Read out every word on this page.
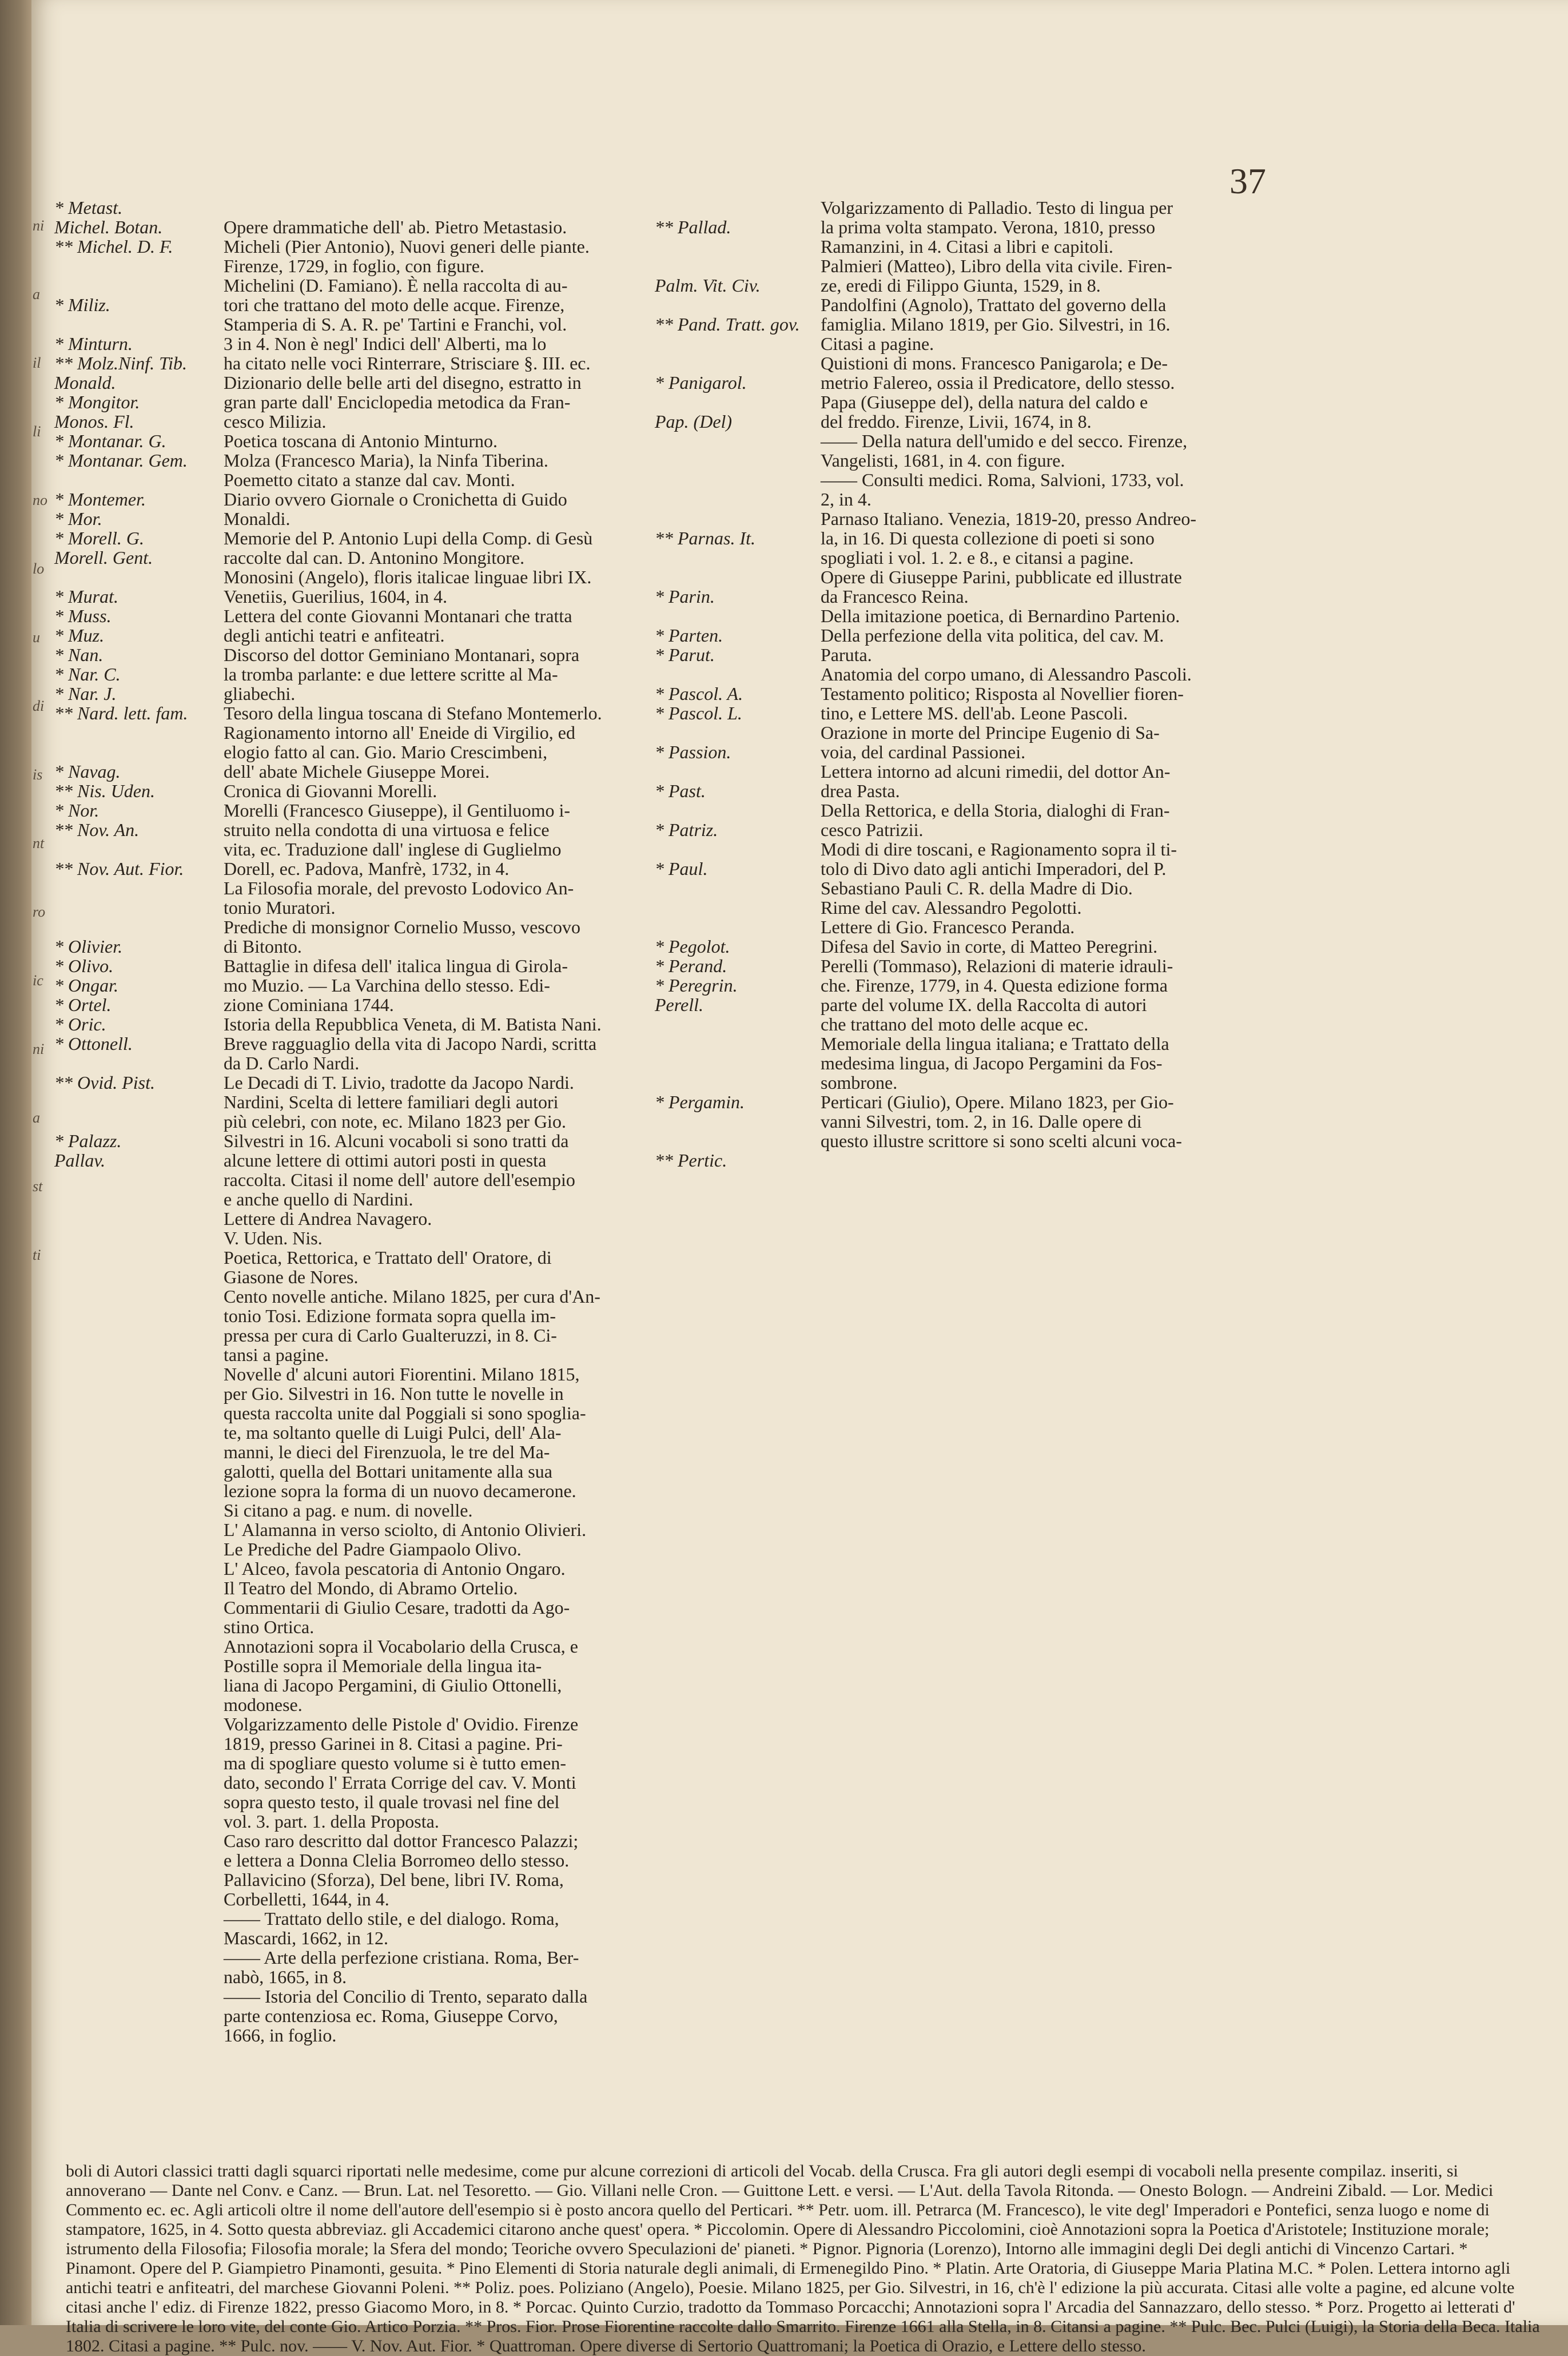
ni
a
il
li
no
lo
u
di
is
nt
ro
ic
ni
a
st
ti
37
* Metast.
Michel. Botan.
** Michel. D. F.
* Miliz.
* Minturn.
** Molz.Ninf. Tib.
Monald.
* Mongitor.
Monos. Fl.
* Montanar. G.
* Montanar. Gem.
* Montemer.
* Mor.
* Morell. G.
Morell. Gent.
* Murat.
* Muss.
* Muz.
* Nan.
* Nar. C.
* Nar. J.
** Nard. lett. fam.
* Navag.
** Nis. Uden.
* Nor.
** Nov. An.
** Nov. Aut. Fior.
* Olivier.
* Olivo.
* Ongar.
* Ortel.
* Oric.
* Ottonell.
** Ovid. Pist.
* Palazz.
Pallav.
Opere drammatiche dell' ab. Pietro Metastasio.
Micheli (Pier Antonio), Nuovi generi delle piante.
Firenze, 1729, in foglio, con figure.
Michelini (D. Famiano). È nella raccolta di au-
tori che trattano del moto delle acque. Firenze,
Stamperia di S. A. R. pe' Tartini e Franchi, vol.
3 in 4. Non è negl' Indici dell' Alberti, ma lo
ha citato nelle voci Rinterrare, Strisciare §. III. ec.
Dizionario delle belle arti del disegno, estratto in
gran parte dall' Enciclopedia metodica da Fran-
cesco Milizia.
Poetica toscana di Antonio Minturno.
Molza (Francesco Maria), la Ninfa Tiberina.
Poemetto citato a stanze dal cav. Monti.
Diario ovvero Giornale o Cronichetta di Guido
Monaldi.
Memorie del P. Antonio Lupi della Comp. di Gesù
raccolte dal can. D. Antonino Mongitore.
Monosini (Angelo), floris italicae linguae libri IX.
Venetiis, Guerilius, 1604, in 4.
Lettera del conte Giovanni Montanari che tratta
degli antichi teatri e anfiteatri.
Discorso del dottor Geminiano Montanari, sopra
la tromba parlante: e due lettere scritte al Ma-
gliabechi.
Tesoro della lingua toscana di Stefano Montemerlo.
Ragionamento intorno all' Eneide di Virgilio, ed
elogio fatto al can. Gio. Mario Crescimbeni,
dell' abate Michele Giuseppe Morei.
Cronica di Giovanni Morelli.
Morelli (Francesco Giuseppe), il Gentiluomo i-
struito nella condotta di una virtuosa e felice
vita, ec. Traduzione dall' inglese di Guglielmo
Dorell, ec. Padova, Manfrè, 1732, in 4.
La Filosofia morale, del prevosto Lodovico An-
tonio Muratori.
Prediche di monsignor Cornelio Musso, vescovo
di Bitonto.
Battaglie in difesa dell' italica lingua di Girola-
mo Muzio. — La Varchina dello stesso. Edi-
zione Cominiana 1744.
Istoria della Repubblica Veneta, di M. Batista Nani.
Breve ragguaglio della vita di Jacopo Nardi, scritta
da D. Carlo Nardi.
Le Decadi di T. Livio, tradotte da Jacopo Nardi.
Nardini, Scelta di lettere familiari degli autori
più celebri, con note, ec. Milano 1823 per Gio.
Silvestri in 16. Alcuni vocaboli si sono tratti da
alcune lettere di ottimi autori posti in questa
raccolta. Citasi il nome dell' autore dell'esempio
e anche quello di Nardini.
Lettere di Andrea Navagero.
V. Uden. Nis.
Poetica, Rettorica, e Trattato dell' Oratore, di
Giasone de Nores.
Cento novelle antiche. Milano 1825, per cura d'An-
tonio Tosi. Edizione formata sopra quella im-
pressa per cura di Carlo Gualteruzzi, in 8. Ci-
tansi a pagine.
Novelle d' alcuni autori Fiorentini. Milano 1815,
per Gio. Silvestri in 16. Non tutte le novelle in
questa raccolta unite dal Poggiali si sono spoglia-
te, ma soltanto quelle di Luigi Pulci, dell' Ala-
manni, le dieci del Firenzuola, le tre del Ma-
galotti, quella del Bottari unitamente alla sua
lezione sopra la forma di un nuovo decamerone.
Si citano a pag. e num. di novelle.
L' Alamanna in verso sciolto, di Antonio Olivieri.
Le Prediche del Padre Giampaolo Olivo.
L' Alceo, favola pescatoria di Antonio Ongaro.
Il Teatro del Mondo, di Abramo Ortelio.
Commentarii di Giulio Cesare, tradotti da Ago-
stino Ortica.
Annotazioni sopra il Vocabolario della Crusca, e
Postille sopra il Memoriale della lingua ita-
liana di Jacopo Pergamini, di Giulio Ottonelli,
modonese.
Volgarizzamento delle Pistole d' Ovidio. Firenze
1819, presso Garinei in 8. Citasi a pagine. Pri-
ma di spogliare questo volume si è tutto emen-
dato, secondo l' Errata Corrige del cav. V. Monti
sopra questo testo, il quale trovasi nel fine del
vol. 3. part. 1. della Proposta.
Caso raro descritto dal dottor Francesco Palazzi;
e lettera a Donna Clelia Borromeo dello stesso.
Pallavicino (Sforza), Del bene, libri IV. Roma,
Corbelletti, 1644, in 4.
—— Trattato dello stile, e del dialogo. Roma,
Mascardi, 1662, in 12.
—— Arte della perfezione cristiana. Roma, Ber-
nabò, 1665, in 8.
—— Istoria del Concilio di Trento, separato dalla
parte contenziosa ec. Roma, Giuseppe Corvo,
1666, in foglio.
** Pallad.
Palm. Vit. Civ.
** Pand. Tratt. gov.
* Panigarol.
Pap. (Del)
** Parnas. It.
* Parin.
* Parten.
* Parut.
* Pascol. A.
* Pascol. L.
* Passion.
* Past.
* Patriz.
* Paul.
* Pegolot.
* Perand.
* Peregrin.
Perell.
* Pergamin.
** Pertic.
Volgarizzamento di Palladio. Testo di lingua per
la prima volta stampato. Verona, 1810, presso
Ramanzini, in 4. Citasi a libri e capitoli.
Palmieri (Matteo), Libro della vita civile. Firen-
ze, eredi di Filippo Giunta, 1529, in 8.
Pandolfini (Agnolo), Trattato del governo della
famiglia. Milano 1819, per Gio. Silvestri, in 16.
Citasi a pagine.
Quistioni di mons. Francesco Panigarola; e De-
metrio Falereo, ossia il Predicatore, dello stesso.
Papa (Giuseppe del), della natura del caldo e
del freddo. Firenze, Livii, 1674, in 8.
—— Della natura dell'umido e del secco. Firenze,
Vangelisti, 1681, in 4. con figure.
—— Consulti medici. Roma, Salvioni, 1733, vol.
2, in 4.
Parnaso Italiano. Venezia, 1819-20, presso Andreo-
la, in 16. Di questa collezione di poeti si sono
spogliati i vol. 1. 2. e 8., e citansi a pagine.
Opere di Giuseppe Parini, pubblicate ed illustrate
da Francesco Reina.
Della imitazione poetica, di Bernardino Partenio.
Della perfezione della vita politica, del cav. M.
Paruta.
Anatomia del corpo umano, di Alessandro Pascoli.
Testamento politico; Risposta al Novellier fioren-
tino, e Lettere MS. dell'ab. Leone Pascoli.
Orazione in morte del Principe Eugenio di Sa-
voia, del cardinal Passionei.
Lettera intorno ad alcuni rimedii, del dottor An-
drea Pasta.
Della Rettorica, e della Storia, dialoghi di Fran-
cesco Patrizii.
Modi di dire toscani, e Ragionamento sopra il ti-
tolo di Divo dato agli antichi Imperadori, del P.
Sebastiano Pauli C. R. della Madre di Dio.
Rime del cav. Alessandro Pegolotti.
Lettere di Gio. Francesco Peranda.
Difesa del Savio in corte, di Matteo Peregrini.
Perelli (Tommaso), Relazioni di materie idrauli-
che. Firenze, 1779, in 4. Questa edizione forma
parte del volume IX. della Raccolta di autori
che trattano del moto delle acque ec.
Memoriale della lingua italiana; e Trattato della
medesima lingua, di Jacopo Pergamini da Fos-
sombrone.
Perticari (Giulio), Opere. Milano 1823, per Gio-
vanni Silvestri, tom. 2, in 16. Dalle opere di
questo illustre scrittore si sono scelti alcuni voca-
boli di Autori classici tratti dagli squarci riportati nelle medesime, come pur alcune correzioni di articoli del Vocab. della Crusca. Fra gli autori degli esempi di vocaboli nella presente compilaz. inseriti, si annoverano — Dante nel Conv. e Canz. — Brun. Lat. nel Tesoretto. — Gio. Villani nelle Cron. — Guittone Lett. e versi. — L'Aut. della Tavola Ritonda. — Onesto Bologn. — Andreini Zibald. — Lor. Medici Commento ec. ec. Agli articoli oltre il nome dell'autore dell'esempio si è posto ancora quello del Perticari. ** Petr. uom. ill. Petrarca (M. Francesco), le vite degl' Imperadori e Pontefici, senza luogo e nome di stampatore, 1625, in 4. Sotto questa abbreviaz. gli Accademici citarono anche quest' opera. * Piccolomin. Opere di Alessandro Piccolomini, cioè Annotazioni sopra la Poetica d'Aristotele; Instituzione morale; istrumento della Filosofia; Filosofia morale; la Sfera del mondo; Teoriche ovvero Speculazioni de' pianeti. * Pignor. Pignoria (Lorenzo), Intorno alle immagini degli Dei degli antichi di Vincenzo Cartari. * Pinamont. Opere del P. Giampietro Pinamonti, gesuita. * Pino Elementi di Storia naturale degli animali, di Ermenegildo Pino. * Platin. Arte Oratoria, di Giuseppe Maria Platina M.C. * Polen. Lettera intorno agli antichi teatri e anfiteatri, del marchese Giovanni Poleni. ** Poliz. poes. Poliziano (Angelo), Poesie. Milano 1825, per Gio. Silvestri, in 16, ch'è l' edizione la più accurata. Citasi alle volte a pagine, ed alcune volte citasi anche l' ediz. di Firenze 1822, presso Giacomo Moro, in 8. * Porcac. Quinto Curzio, tradotto da Tommaso Porcacchi; Annotazioni sopra l' Arcadia del Sannazzaro, dello stesso. * Porz. Progetto ai letterati d' Italia di scrivere le loro vite, del conte Gio. Artico Porzia. ** Pros. Fior. Prose Fiorentine raccolte dallo Smarrito. Firenze 1661 alla Stella, in 8. Citansi a pagine. ** Pulc. Bec. Pulci (Luigi), la Storia della Beca. Italia 1802. Citasi a pagine. ** Pulc. nov. —— V. Nov. Aut. Fior. * Quattroman. Opere diverse di Sertorio Quattromani; la Poetica di Orazio, e Lettere dello stesso.
